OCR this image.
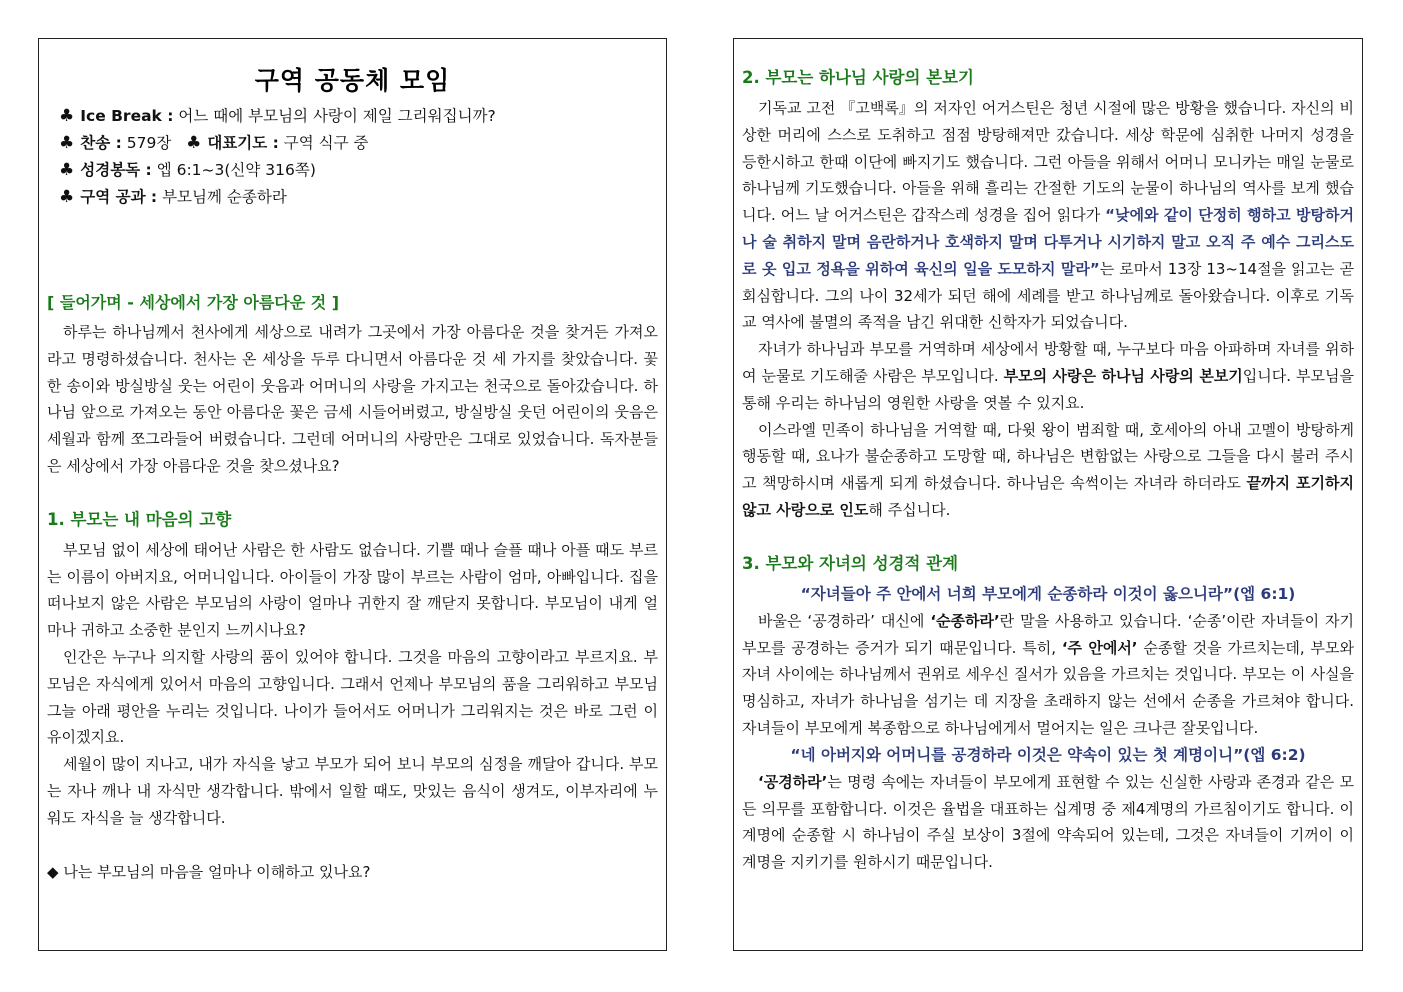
구역 공동체 모임
♣ Ice Break : 어느 때에 부모님의 사랑이 제일 그리워집니까?
♣ 찬송 : 579장 ♣ 대표기도 : 구역 식구 중
♣ 성경봉독 : 엡 6:1~3(신약 316쪽)
♣ 구역 공과 : 부모님께 순종하라
[ 들어가며 - 세상에서 가장 아름다운 것 ]

하루는 하나님께서 천사에게 세상으로 내려가 그곳에서 가장 아름다운 것을 찾거든 가져오라고 명령하셨습니다. 천사는 온 세상을 두루 다니면서 아름다운 것 세 가지를 찾았습니다. 꽃 한 송이와 방실방실 웃는 어린이 웃음과 어머니의 사랑을 가지고는 천국으로 돌아갔습니다. 하나님 앞으로 가져오는 동안 아름다운 꽃은 금세 시들어버렸고, 방실방실 웃던 어린이의 웃음은 세월과 함께 쪼그라들어 버렸습니다. 그런데 어머니의 사랑만은 그대로 있었습니다. 독자분들은 세상에서 가장 아름다운 것을 찾으셨나요?

1. 부모는 내 마음의 고향

부모님 없이 세상에 태어난 사람은 한 사람도 없습니다. 기쁠 때나 슬플 때나 아플 때도 부르는 이름이 아버지요, 어머니입니다. 아이들이 가장 많이 부르는 사람이 엄마, 아빠입니다. 집을 떠나보지 않은 사람은 부모님의 사랑이 얼마나 귀한지 잘 깨닫지 못합니다. 부모님이 내게 얼마나 귀하고 소중한 분인지 느끼시나요?

인간은 누구나 의지할 사랑의 품이 있어야 합니다. 그것을 마음의 고향이라고 부르지요. 부모님은 자식에게 있어서 마음의 고향입니다. 그래서 언제나 부모님의 품을 그리워하고 부모님 그늘 아래 평안을 누리는 것입니다. 나이가 들어서도 어머니가 그리워지는 것은 바로 그런 이유이겠지요.

세월이 많이 지나고, 내가 자식을 낳고 부모가 되어 보니 부모의 심정을 깨달아 갑니다. 부모는 자나 깨나 내 자식만 생각합니다. 밖에서 일할 때도, 맛있는 음식이 생겨도, 이부자리에 누워도 자식을 늘 생각합니다.

◆ 나는 부모님의 마음을 얼마나 이해하고 있나요?

2. 부모는 하나님 사랑의 본보기

기독교 고전 『고백록』의 저자인 어거스틴은 청년 시절에 많은 방황을 했습니다. 자신의 비상한 머리에 스스로 도취하고 점점 방탕해져만 갔습니다. 세상 학문에 심취한 나머지 성경을 등한시하고 한때 이단에 빠지기도 했습니다. 그런 아들을 위해서 어머니 모니카는 매일 눈물로 하나님께 기도했습니다. 아들을 위해 흘리는 간절한 기도의 눈물이 하나님의 역사를 보게 했습니다. 어느 날 어거스틴은 갑작스레 성경을 집어 읽다가 “낮에와 같이 단정히 행하고 방탕하거나 술 취하지 말며 음란하거나 호색하지 말며 다투거나 시기하지 말고 오직 주 예수 그리스도로 옷 입고 정욕을 위하여 육신의 일을 도모하지 말라”는 로마서 13장 13~14절을 읽고는 곧 회심합니다. 그의 나이 32세가 되던 해에 세례를 받고 하나님께로 돌아왔습니다. 이후로 기독교 역사에 불멸의 족적을 남긴 위대한 신학자가 되었습니다.

자녀가 하나님과 부모를 거역하며 세상에서 방황할 때, 누구보다 마음 아파하며 자녀를 위하여 눈물로 기도해줄 사람은 부모입니다. 부모의 사랑은 하나님 사랑의 본보기입니다. 부모님을 통해 우리는 하나님의 영원한 사랑을 엿볼 수 있지요.

이스라엘 민족이 하나님을 거역할 때, 다윗 왕이 범죄할 때, 호세아의 아내 고멜이 방탕하게 행동할 때, 요나가 불순종하고 도망할 때, 하나님은 변함없는 사랑으로 그들을 다시 불러 주시고 책망하시며 새롭게 되게 하셨습니다. 하나님은 속썩이는 자녀라 하더라도 끝까지 포기하지 않고 사랑으로 인도해 주십니다.

3. 부모와 자녀의 성경적 관계

“자녀들아 주 안에서 너희 부모에게 순종하라 이것이 옳으니라”(엡 6:1)

바울은 ‘공경하라’ 대신에 ‘순종하라’란 말을 사용하고 있습니다. ‘순종’이란 자녀들이 자기 부모를 공경하는 증거가 되기 때문입니다. 특히, ‘주 안에서’ 순종할 것을 가르치는데, 부모와 자녀 사이에는 하나님께서 권위로 세우신 질서가 있음을 가르치는 것입니다. 부모는 이 사실을 명심하고, 자녀가 하나님을 섬기는 데 지장을 초래하지 않는 선에서 순종을 가르쳐야 합니다. 자녀들이 부모에게 복종함으로 하나님에게서 멀어지는 일은 크나큰 잘못입니다.

“네 아버지와 어머니를 공경하라 이것은 약속이 있는 첫 계명이니”(엡 6:2)

‘공경하라’는 명령 속에는 자녀들이 부모에게 표현할 수 있는 신실한 사랑과 존경과 같은 모든 의무를 포함합니다. 이것은 율법을 대표하는 십계명 중 제4계명의 가르침이기도 합니다. 이 계명에 순종할 시 하나님이 주실 보상이 3절에 약속되어 있는데, 그것은 자녀들이 기꺼이 이 계명을 지키기를 원하시기 때문입니다.
